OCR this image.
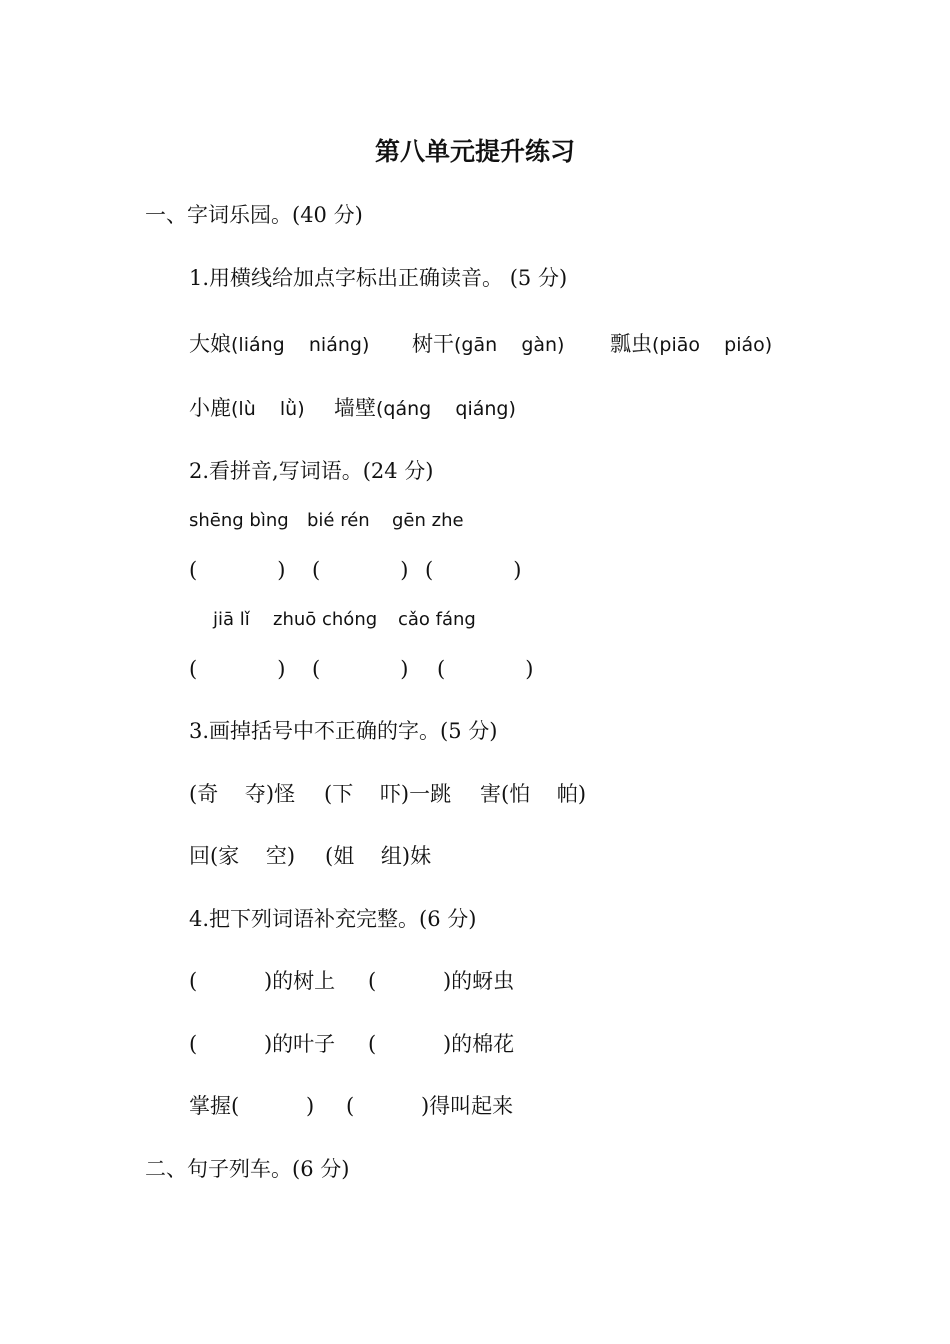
第八单元提升练习
一、字词乐园。(40 分)
1.用横线给加点字标出正确读音。 (5 分)
大娘(liáng    niáng) 树干(gān    gàn) 瓢虫(piāo    piáo)
小鹿(lù    lǜ) 墙壁(qáng    qiáng)
2.看拼音,写词语。(24 分)
shēng bìng bié rén gēn zhe
(            ) (            ) (            )
jiā lǐ zhuō chóng cǎo fáng
(            ) (            ) (            )
3.画掉括号中不正确的字。(5 分)
(奇    夺)怪 (下    吓)一跳 害(怕    帕)
回(家    空) (姐    组)妹
4.把下列词语补充完整。(6 分)
(          )的树上 (          )的蚜虫
(          )的叶子 (          )的棉花
掌握(          ) (          )得叫起来
二、句子列车。(6 分)
